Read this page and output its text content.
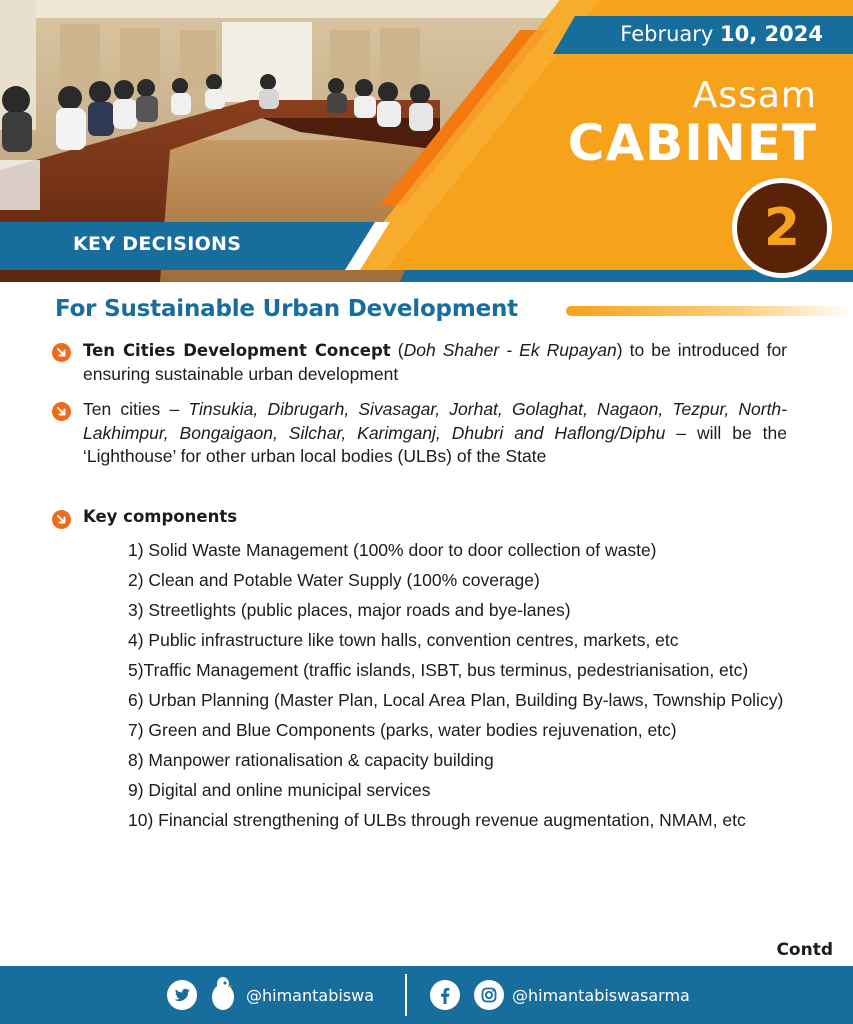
February 10, 2024
Assam
CABINET
2
KEY DECISIONS
For Sustainable Urban Development
Ten Cities Development Concept (Doh Shaher - Ek Rupayan) to be introduced for ensuring sustainable urban development
Ten cities – Tinsukia, Dibrugarh, Sivasagar, Jorhat, Golaghat, Nagaon, Tezpur, North-Lakhimpur, Bongaigaon, Silchar, Karimganj, Dhubri and Haflong/Diphu – will be the ‘Lighthouse’ for other urban local bodies (ULBs) of the State
Key components
1) Solid Waste Management (100% door to door collection of waste)
2) Clean and Potable Water Supply (100% coverage)
3) Streetlights (public places, major roads and bye-lanes)
4) Public infrastructure like town halls, convention centres, markets, etc
5)Traffic Management (traffic islands, ISBT, bus terminus, pedestrianisation, etc)
6) Urban Planning (Master Plan, Local Area Plan, Building By-laws, Township Policy)
7) Green and Blue Components (parks, water bodies rejuvenation, etc)
8) Manpower rationalisation & capacity building
9) Digital and online municipal services
10) Financial strengthening of ULBs through revenue augmentation, NMAM, etc
Contd
@himantabiswa	@himantabiswasarma
